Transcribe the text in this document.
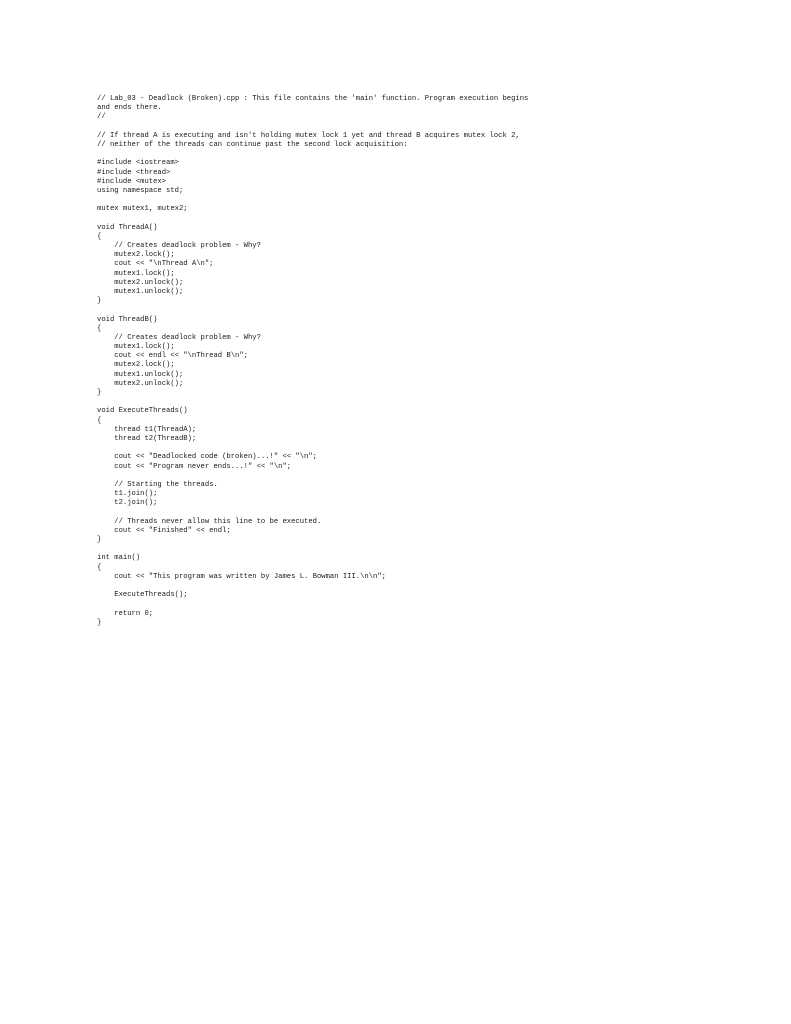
// Lab_03 - Deadlock (Broken).cpp : This file contains the 'main' function. Program execution begins
and ends there.
//
// If thread A is executing and isn't holding mutex lock 1 yet and thread B acquires mutex lock 2,
// neither of the threads can continue past the second lock acquisition:
#include <iostream>
#include <thread>
#include <mutex>
using namespace std;
mutex mutex1, mutex2;
void ThreadA()
{
// Creates deadlock problem - Why?
mutex2.lock();
cout << "\nThread A\n";
mutex1.lock();
mutex2.unlock();
mutex1.unlock();
}
void ThreadB()
{
// Creates deadlock problem - Why?
mutex1.lock();
cout << endl << "\nThread B\n";
mutex2.lock();
mutex1.unlock();
mutex2.unlock();
}
void ExecuteThreads()
{
thread t1(ThreadA);
thread t2(ThreadB);
cout << "Deadlocked code (broken)...!" << "\n";
cout << "Program never ends...!" << "\n";
// Starting the threads.
t1.join();
t2.join();
// Threads never allow this line to be executed.
cout << "Finished" << endl;
}
int main()
{
cout << "This program was written by James L. Bowman III.\n\n";
ExecuteThreads();
return 0;
}
